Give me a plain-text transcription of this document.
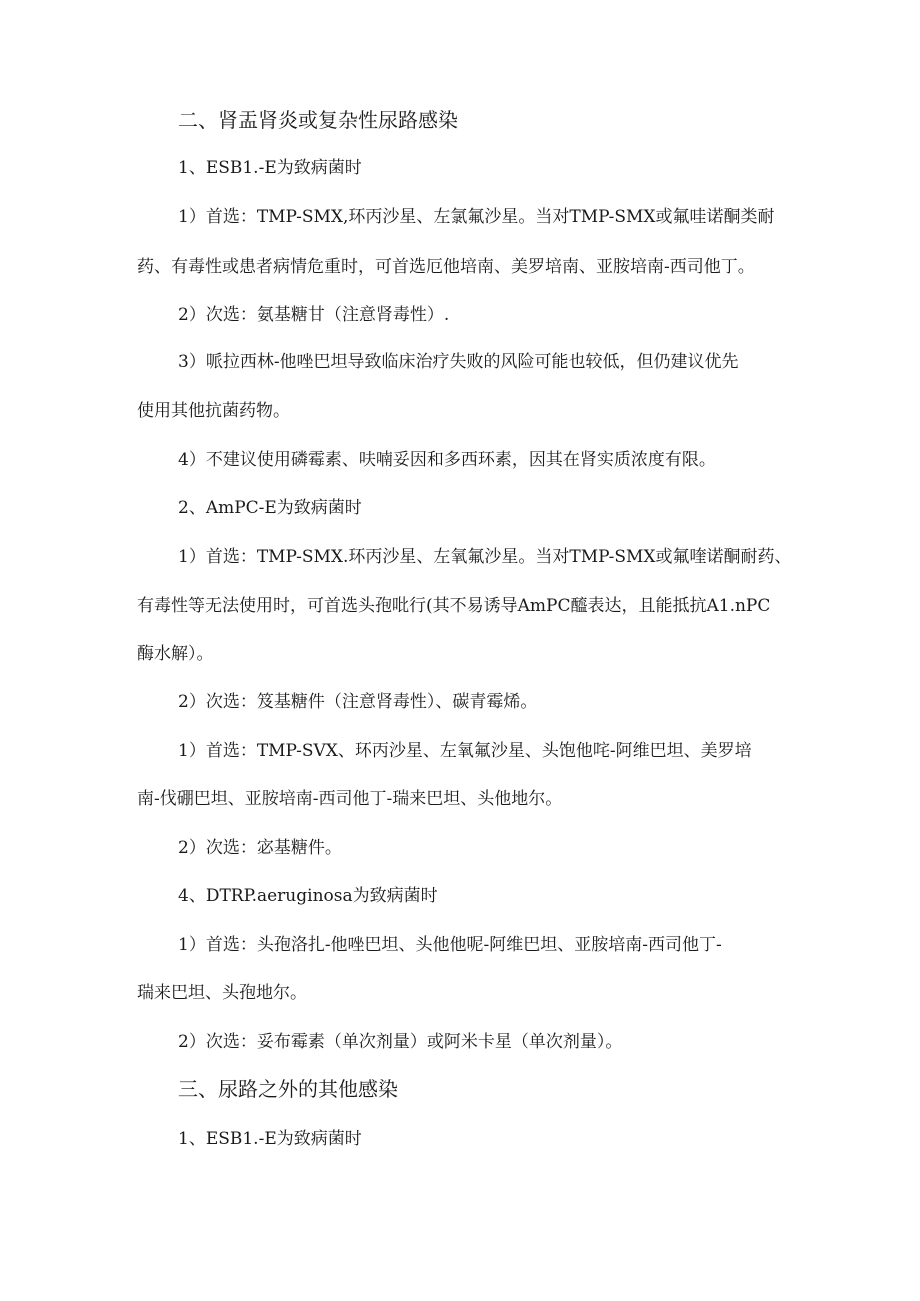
二、肾盂肾炎或复杂性尿路感染
1、ESB1.-E为致病菌时
1）首选：TMP-SMX,环丙沙星、左氯氟沙星。当对TMP-SMX或氟哇诺酮类耐
药、有毒性或患者病情危重时，可首选厄他培南、美罗培南、亚胺培南-西司他丁。
2）次选：氨基糖甘（注意肾毒性）.
3）哌拉西林-他唑巴坦导致临床治疗失败的风险可能也较低，但仍建议优先
使用其他抗菌药物。
4）不建议使用磷霉素、呋喃妥因和多西环素，因其在肾实质浓度有限。
2、AmPC-E为致病菌时
1）首选：TMP-SMX.环丙沙星、左氧氟沙星。当对TMP-SMX或氟喹诺酮耐药、
有毒性等无法使用时，可首选头孢吡行(其不易诱导AmPC醯表达，且能抵抗A1.nPC
酶水解）。
2）次选：笈基糖件（注意肾毒性）、碳青霉烯。
1）首选：TMP-SVX、环丙沙星、左氧氟沙星、头饱他咤-阿维巴坦、美罗培
南-伐硼巴坦、亚胺培南-西司他丁-瑞来巴坦、头他地尔。
2）次选：宓基糖件。
4、DTRP.aeruginosa为致病菌时
1）首选：头孢洛扎-他唑巴坦、头他他呢-阿维巴坦、亚胺培南-西司他丁-
瑞来巴坦、头孢地尔。
2）次选：妥布霉素（单次剂量）或阿米卡星（单次剂量）。
三、尿路之外的其他感染
1、ESB1.-E为致病菌时
